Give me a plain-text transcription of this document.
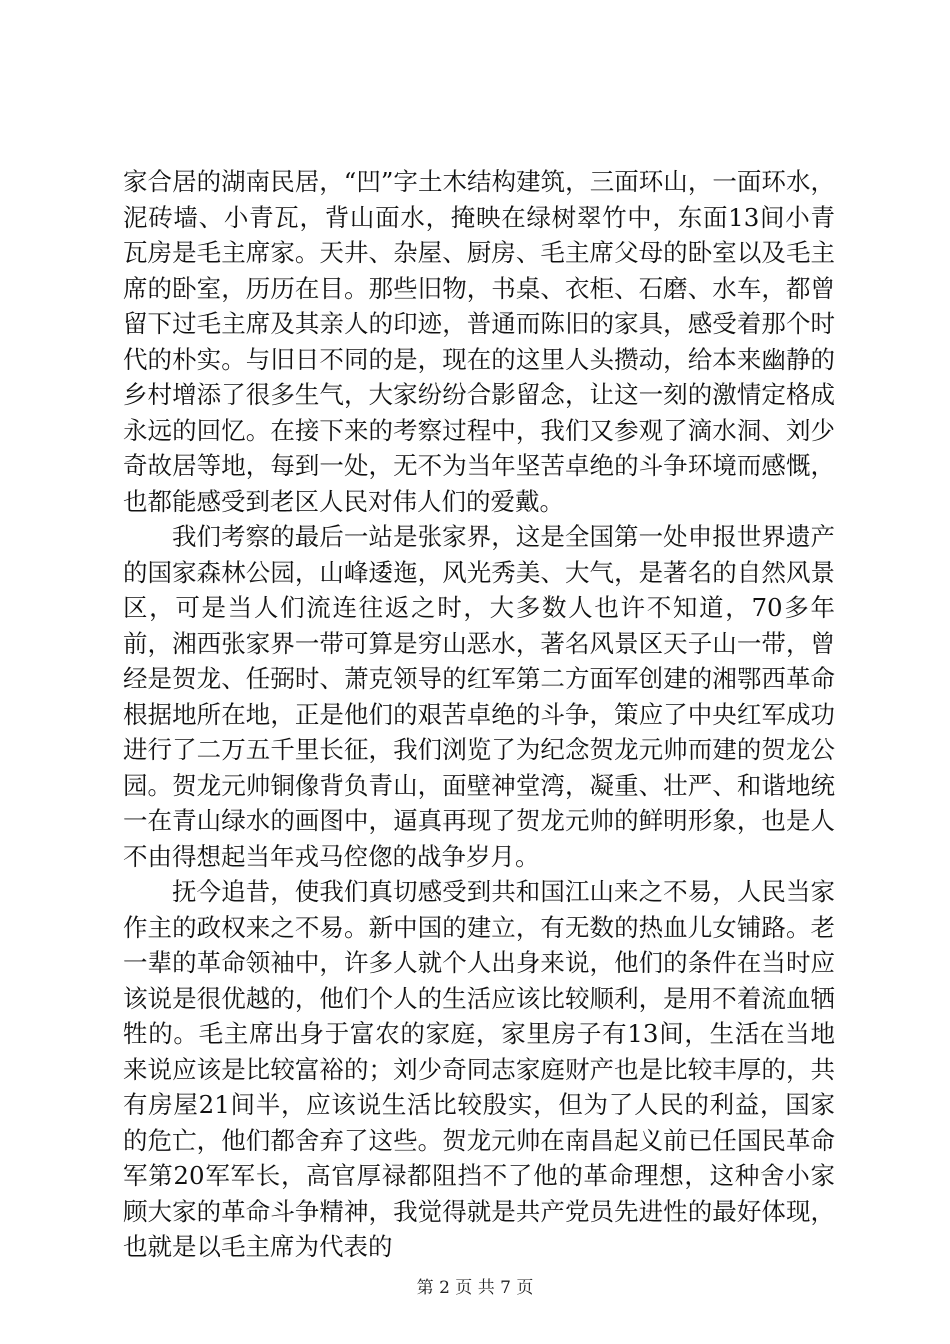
家合居的湖南民居，“凹”字土木结构建筑，三面环山，一面环水，泥砖墙、小青瓦，背山面水，掩映在绿树翠竹中，东面13间小青瓦房是毛主席家。天井、杂屋、厨房、毛主席父母的卧室以及毛主席的卧室，历历在目。那些旧物，书桌、衣柜、石磨、水车，都曾留下过毛主席及其亲人的印迹，普通而陈旧的家具，感受着那个时代的朴实。与旧日不同的是，现在的这里人头攒动，给本来幽静的乡村增添了很多生气，大家纷纷合影留念，让这一刻的激情定格成永远的回忆。在接下来的考察过程中，我们又参观了滴水洞、刘少奇故居等地，每到一处，无不为当年坚苦卓绝的斗争环境而感慨，也都能感受到老区人民对伟人们的爱戴。

我们考察的最后一站是张家界，这是全国第一处申报世界遗产的国家森林公园，山峰逶迤，风光秀美、大气，是著名的自然风景区，可是当人们流连往返之时，大多数人也许不知道，70多年前，湘西张家界一带可算是穷山恶水，著名风景区天子山一带，曾经是贺龙、任弼时、萧克领导的红军第二方面军创建的湘鄂西革命根据地所在地，正是他们的艰苦卓绝的斗争，策应了中央红军成功进行了二万五千里长征，我们浏览了为纪念贺龙元帅而建的贺龙公园。贺龙元帅铜像背负青山，面壁神堂湾，凝重、壮严、和谐地统一在青山绿水的画图中，逼真再现了贺龙元帅的鲜明形象，也是人不由得想起当年戎马倥偬的战争岁月。

抚今追昔，使我们真切感受到共和国江山来之不易，人民当家作主的政权来之不易。新中国的建立，有无数的热血儿女铺路。老一辈的革命领袖中，许多人就个人出身来说，他们的条件在当时应该说是很优越的，他们个人的生活应该比较顺利，是用不着流血牺牲的。毛主席出身于富农的家庭，家里房子有13间，生活在当地来说应该是比较富裕的；刘少奇同志家庭财产也是比较丰厚的，共有房屋21间半，应该说生活比较殷实，但为了人民的利益，国家的危亡，他们都舍弃了这些。贺龙元帅在南昌起义前已任国民革命军第20军军长，高官厚禄都阻挡不了他的革命理想，这种舍小家顾大家的革命斗争精神，我觉得就是共产党员先进性的最好体现，也就是以毛主席为代表的

第 2 页 共 7 页
